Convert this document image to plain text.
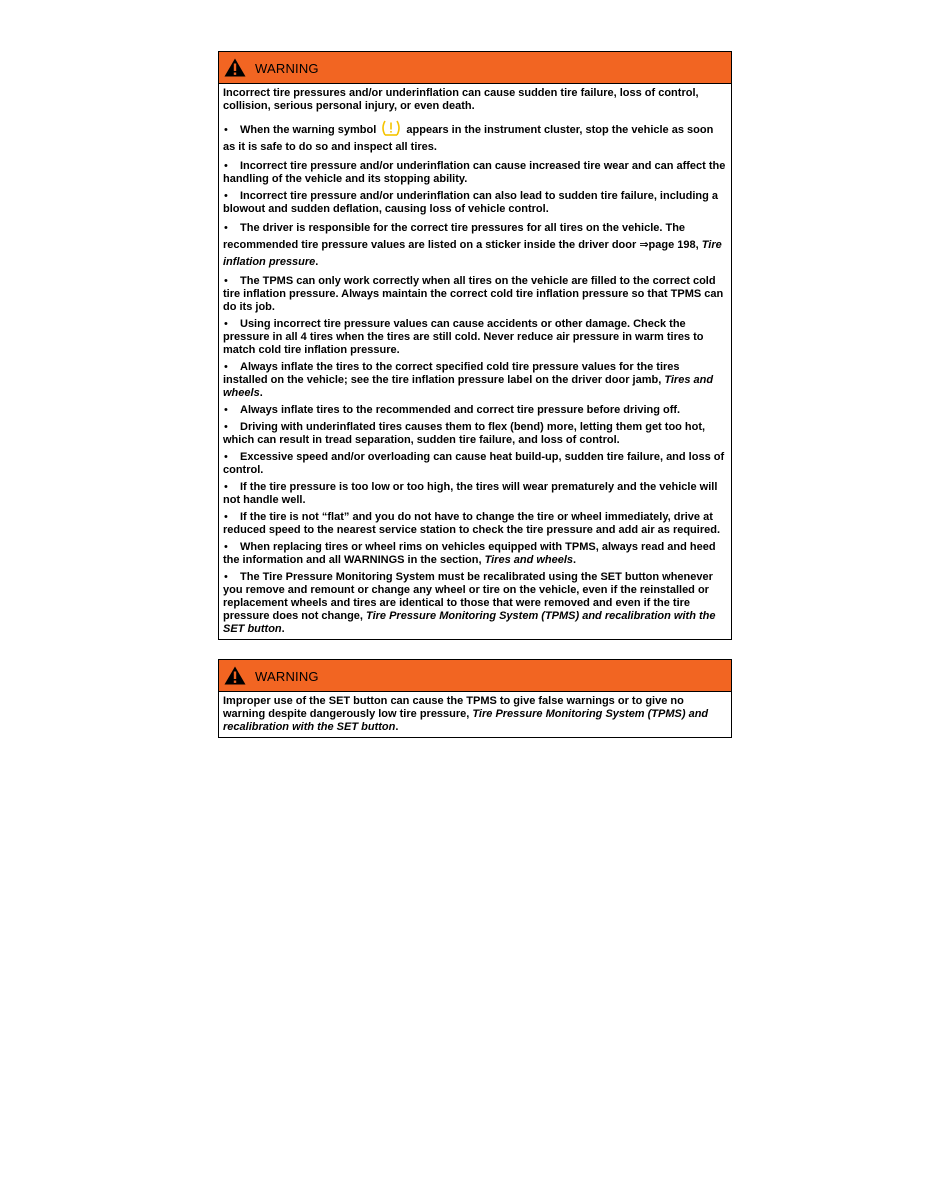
WARNING

Incorrect tire pressures and/or underinflation can cause sudden tire failure, loss of control, collision, serious personal injury, or even death.

• When the warning symbol	appears in the instrument cluster, stop the vehicle as soon as it is safe to do so and inspect all tires.

• Incorrect tire pressure and/or underinflation can cause increased tire wear and can affect the handling of the vehicle and its stopping ability.

• Incorrect tire pressure and/or underinflation can also lead to sudden tire failure, including a blowout and sudden deflation, causing loss of vehicle control.

• The driver is responsible for the correct tire pressures for all tires on the vehicle. The recommended tire pressure values are listed on a sticker inside the driver door ⇒page 198, Tire inflation pressure.

• The TPMS can only work correctly when all tires on the vehicle are filled to the correct cold tire inflation pressure. Always maintain the correct cold tire inflation pressure so that TPMS can do its job.

• Using incorrect tire pressure values can cause accidents or other damage. Check the pressure in all 4 tires when the tires are still cold. Never reduce air pressure in warm tires to match cold tire inflation pressure.

• Always inflate the tires to the correct specified cold tire pressure values for the tires installed on the vehicle; see the tire inflation pressure label on the driver door jamb, Tires and wheels.

• Always inflate tires to the recommended and correct tire pressure before driving off.

• Driving with underinflated tires causes them to flex (bend) more, letting them get too hot, which can result in tread separation, sudden tire failure, and loss of control.

• Excessive speed and/or overloading can cause heat build-up, sudden tire failure, and loss of control.

• If the tire pressure is too low or too high, the tires will wear prematurely and the vehicle will not handle well.

• If the tire is not “flat” and you do not have to change the tire or wheel immediately, drive at reduced speed to the nearest service station to check the tire pressure and add air as required.

• When replacing tires or wheel rims on vehicles equipped with TPMS, always read and heed the information and all WARNINGS in the section, Tires and wheels.

• The Tire Pressure Monitoring System must be recalibrated using the SET button whenever you remove and remount or change any wheel or tire on the vehicle, even if the reinstalled or replacement wheels and tires are identical to those that were removed and even if the tire pressure does not change, Tire Pressure Monitoring System (TPMS) and recalibration with the SET button.

WARNING

Improper use of the SET button can cause the TPMS to give false warnings or to give no warning despite dangerously low tire pressure, Tire Pressure Monitoring System (TPMS) and recalibration with the SET button.
